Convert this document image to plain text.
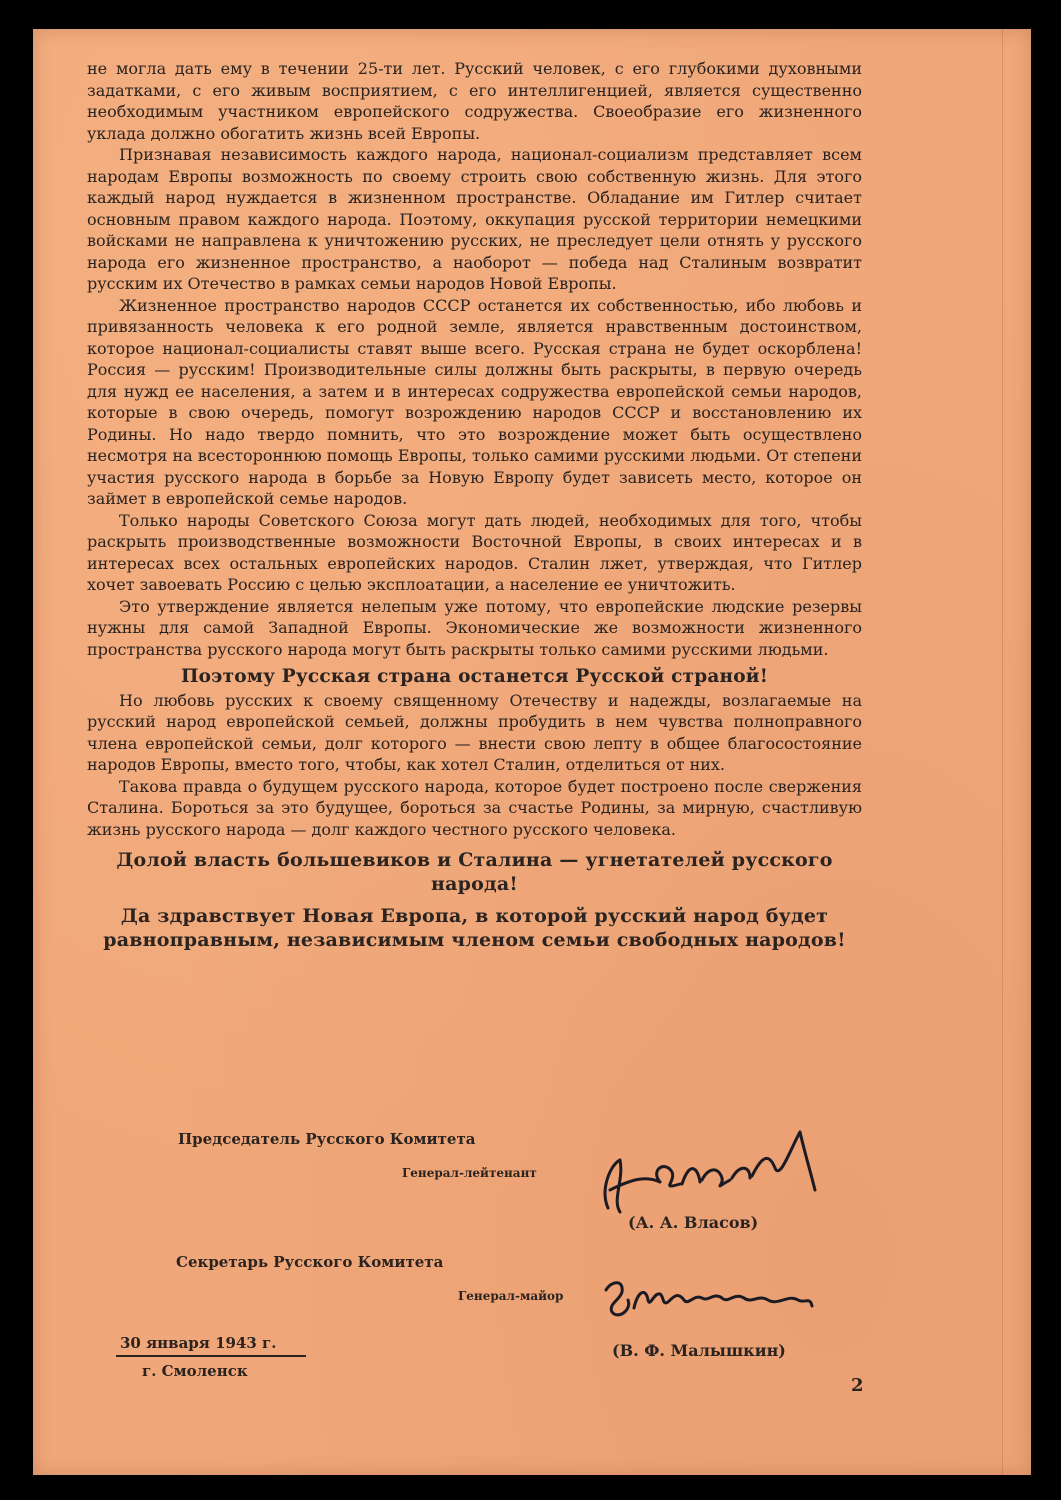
не могла дать ему в течении 25-ти лет. Русский человек, с его глубокими духовными задатками, с его живым восприятием, с его интеллигенцией, является существенно необходимым участником европейского содружества. Своеобразие его жизненного уклада должно обогатить жизнь всей Европы.

Признавая независимость каждого народа, национал-социализм представляет всем народам Европы возможность по своему строить свою собственную жизнь. Для этого каждый народ нуждается в жизненном пространстве. Обладание им Гитлер считает основным правом каждого народа. Поэтому, оккупация русской территории немецкими войсками не направлена к уничтожению русских, не преследует цели отнять у русского народа его жизненное пространство, а наоборот — победа над Сталиным возвратит русским их Отечество в рамках семьи народов Новой Европы.

Жизненное пространство народов СССР останется их собственностью, ибо любовь и привязанность человека к его родной земле, является нравственным достоинством, которое национал-социалисты ставят выше всего. Русская страна не будет оскорблена! Россия — русским! Производительные силы должны быть раскрыты, в первую очередь для нужд ее населения, а затем и в интересах содружества европейской семьи народов, которые в свою очередь, помогут возрождению народов СССР и восстановлению их Родины. Но надо твердо помнить, что это возрождение может быть осуществлено несмотря на всестороннюю помощь Европы, только самими русскими людьми. От степени участия русского народа в борьбе за Новую Европу будет зависеть место, которое он займет в европейской семье народов.

Только народы Советского Союза могут дать людей, необходимых для того, чтобы раскрыть производственные возможности Восточной Европы, в своих интересах и в интересах всех остальных европейских народов. Сталин лжет, утверждая, что Гитлер хочет завоевать Россию с целью эксплоатации, а население ее уничтожить.

Это утверждение является нелепым уже потому, что европейские людские резервы нужны для самой Западной Европы. Экономические же возможности жизненного пространства русского народа могут быть раскрыты только самими русскими людьми.

Поэтому Русская страна останется Русской страной!

Но любовь русских к своему священному Отечеству и надежды, возлагаемые на русский народ европейской семьей, должны пробудить в нем чувства полноправного члена европейской семьи, долг которого — внести свою лепту в общее благосостояние народов Европы, вместо того, чтобы, как хотел Сталин, отделиться от них.

Такова правда о будущем русского народа, которое будет построено после свержения Сталина. Бороться за это будущее, бороться за счастье Родины, за мирную, счастливую жизнь русского народа — долг каждого честного русского человека.

Долой власть большевиков и Сталина — угнетателей русского народа!
Да здравствует Новая Европа, в которой русский народ будет равноправным, независимым членом семьи свободных народов!
Председатель Русского Комитета
Генерал-лейтенант
(А. А. Власов)
Секретарь Русского Комитета
Генерал-майор
(В. Ф. Малышкин)
30 января 1943 г.
г. Смоленск
2
